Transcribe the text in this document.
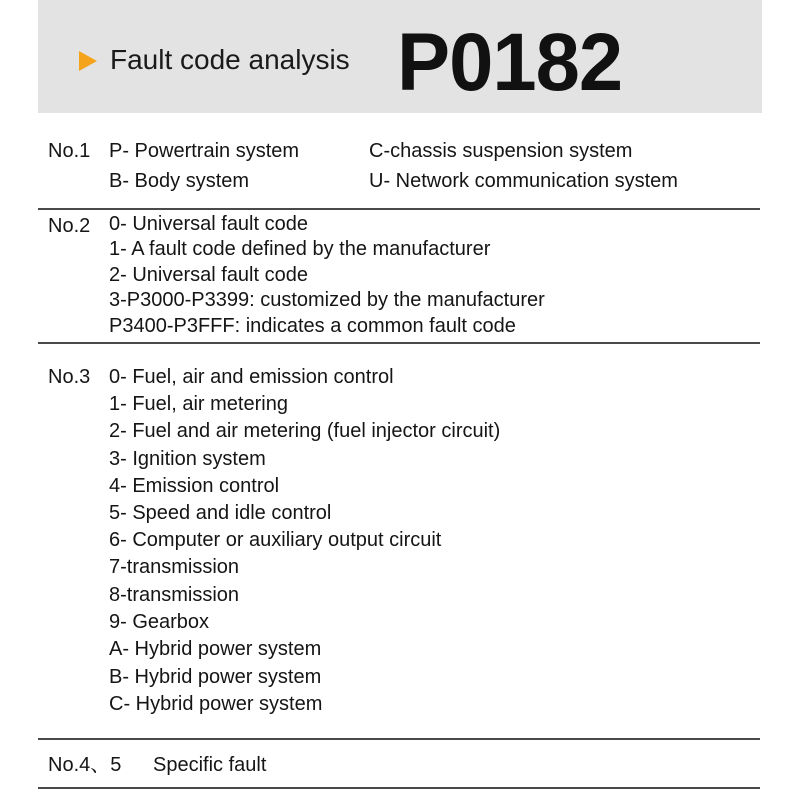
Fault code analysis P0182
No.1 P- Powertrain system	C-chassis suspension system
B- Body system	U- Network communication system
No.2 0- Universal fault code
1- A fault code defined by the manufacturer
2- Universal fault code
3-P3000-P3399: customized by the manufacturer
P3400-P3FFF: indicates a common fault code
No.3 0- Fuel, air and emission control
1- Fuel, air metering
2- Fuel and air metering (fuel injector circuit)
3- Ignition system
4- Emission control
5- Speed and idle control
6- Computer or auxiliary output circuit
7-transmission
8-transmission
9- Gearbox
A- Hybrid power system
B- Hybrid power system
C- Hybrid power system
No.4、5 Specific fault
